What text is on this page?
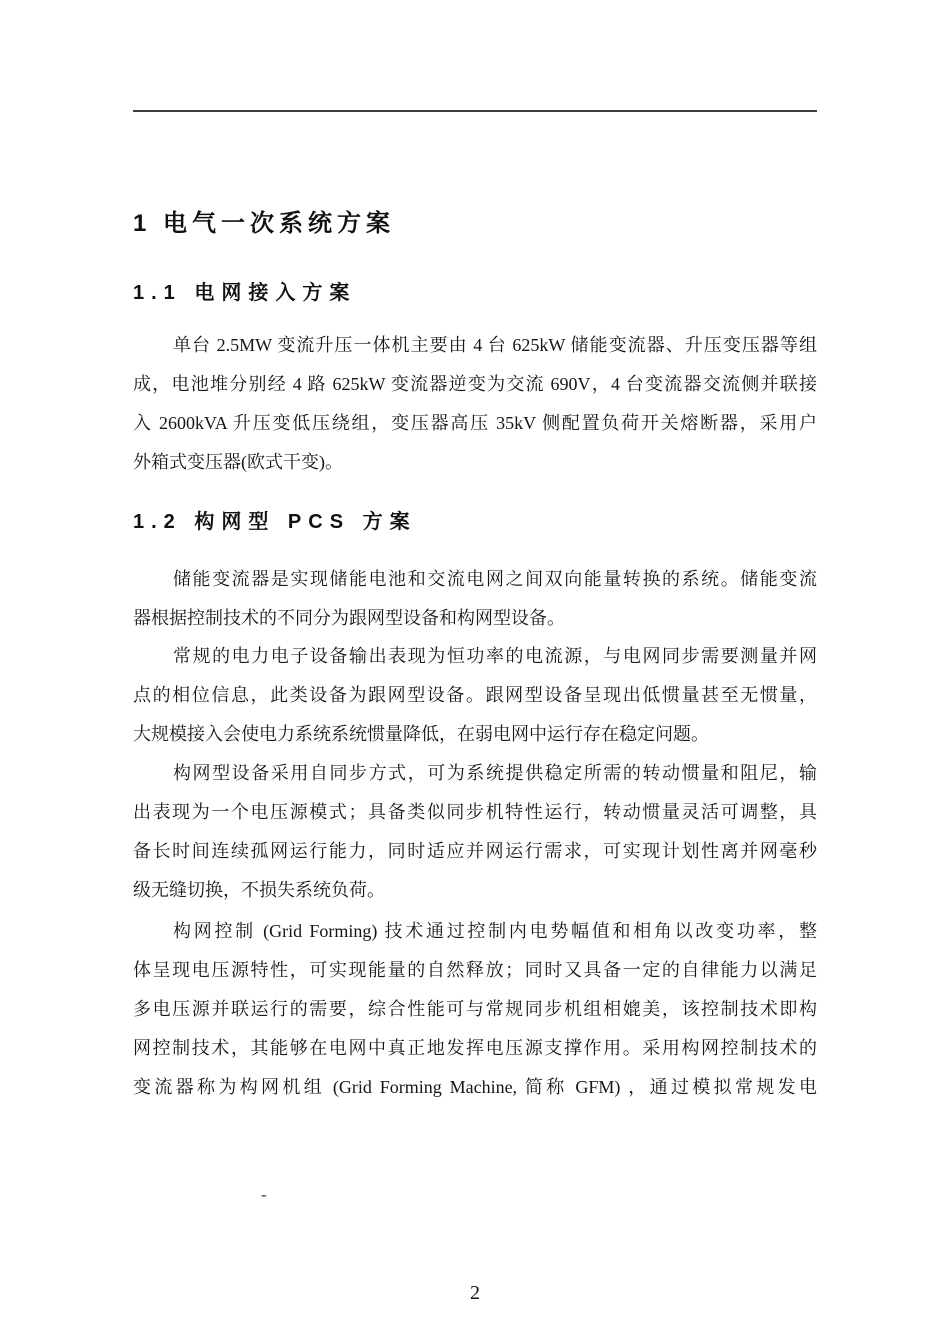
1 电气一次系统方案
1.1 电网接入方案
单台 2.5MW 变流升压一体机主要由 4 台 625kW 储能变流器、升压变压器等组
成，电池堆分别经 4 路 625kW 变流器逆变为交流 690V，4 台变流器交流侧并联接
入 2600kVA 升压变低压绕组，变压器高压 35kV 侧配置负荷开关熔断器，采用户
外箱式变压器(欧式干变)。
1.2 构网型 PCS 方案
储能变流器是实现储能电池和交流电网之间双向能量转换的系统。储能变流
器根据控制技术的不同分为跟网型设备和构网型设备。
常规的电力电子设备输出表现为恒功率的电流源，与电网同步需要测量并网
点的相位信息，此类设备为跟网型设备。跟网型设备呈现出低惯量甚至无惯量，
大规模接入会使电力系统系统惯量降低，在弱电网中运行存在稳定问题。
构网型设备采用自同步方式，可为系统提供稳定所需的转动惯量和阻尼，输
出表现为一个电压源模式；具备类似同步机特性运行，转动惯量灵活可调整，具
备长时间连续孤网运行能力，同时适应并网运行需求，可实现计划性离并网毫秒
级无缝切换，不损失系统负荷。
构网控制 (Grid Forming) 技术通过控制内电势幅值和相角以改变功率，整
体呈现电压源特性，可实现能量的自然释放；同时又具备一定的自律能力以满足
多电压源并联运行的需要，综合性能可与常规同步机组相媲美，该控制技术即构
网控制技术，其能够在电网中真正地发挥电压源支撑作用。采用构网控制技术的
变流器称为构网机组 (Grid Forming Machine, 简称 GFM) ，通过模拟常规发电
-
2
